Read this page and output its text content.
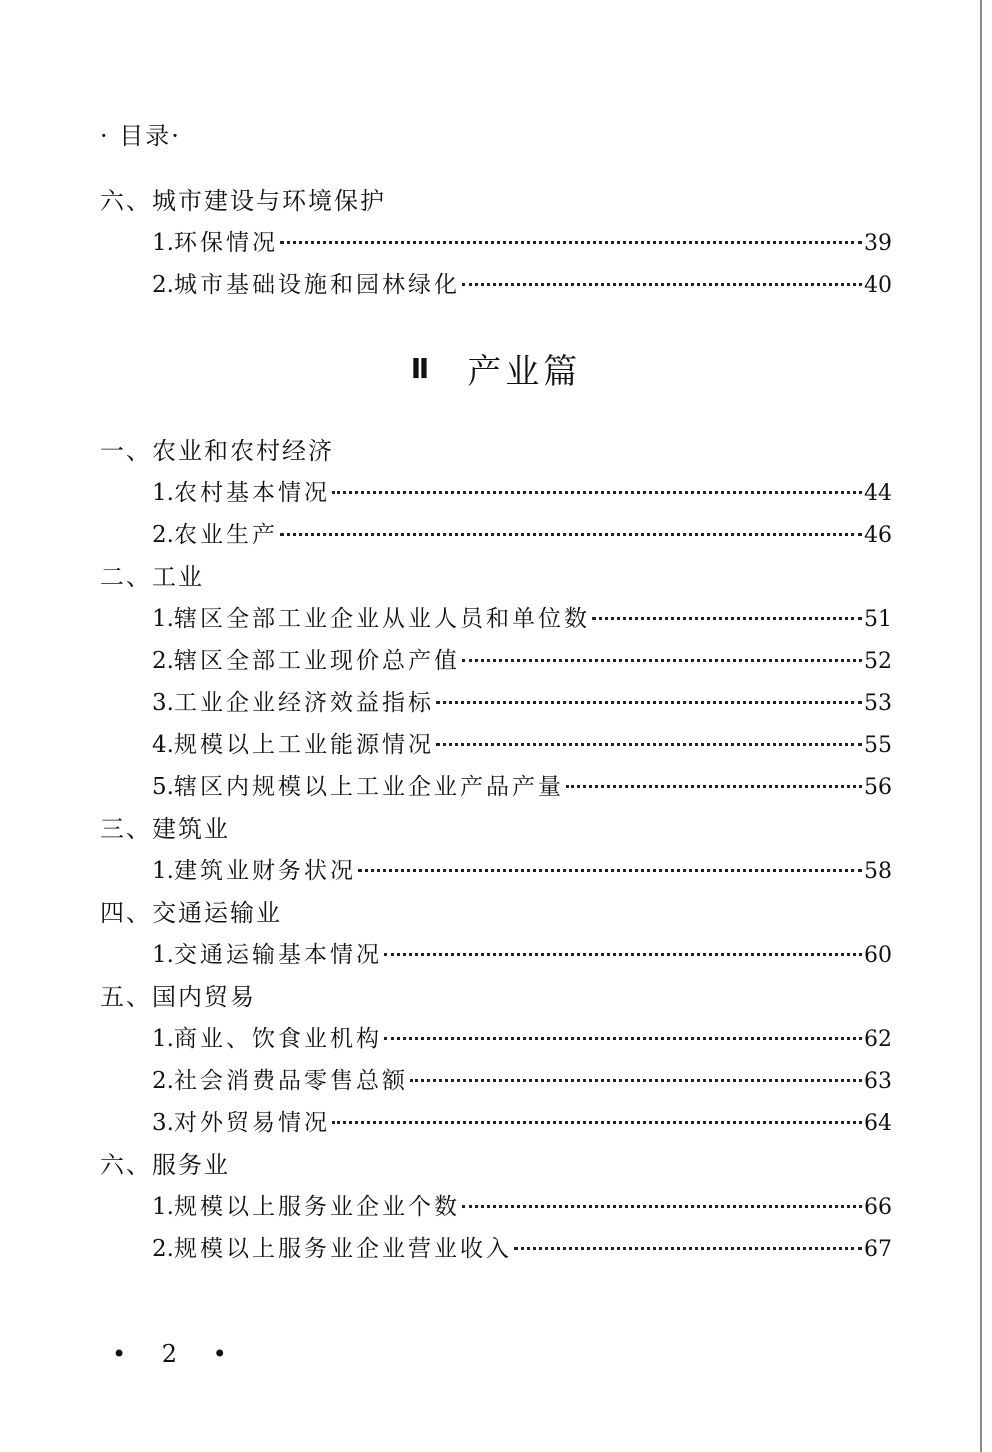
· 目录·
六、城市建设与环境保护
1. 环保情况	39
2. 城市基础设施和园林绿化	40
Ⅱ 产业篇
一、农业和农村经济
1. 农村基本情况	44
2. 农业生产	46
二、工业
1. 辖区全部工业企业从业人员和单位数	51
2. 辖区全部工业现价总产值	52
3. 工业企业经济效益指标	53
4. 规模以上工业能源情况	55
5. 辖区内规模以上工业企业产品产量	56
三、建筑业
1. 建筑业财务状况	58
四、交通运输业
1. 交通运输基本情况	60
五、国内贸易
1. 商业、饮食业机构	62
2. 社会消费品零售总额	63
3. 对外贸易情况	64
六、服务业
1. 规模以上服务业企业个数	66
2. 规模以上服务业企业营业收入	67
• 2 •
